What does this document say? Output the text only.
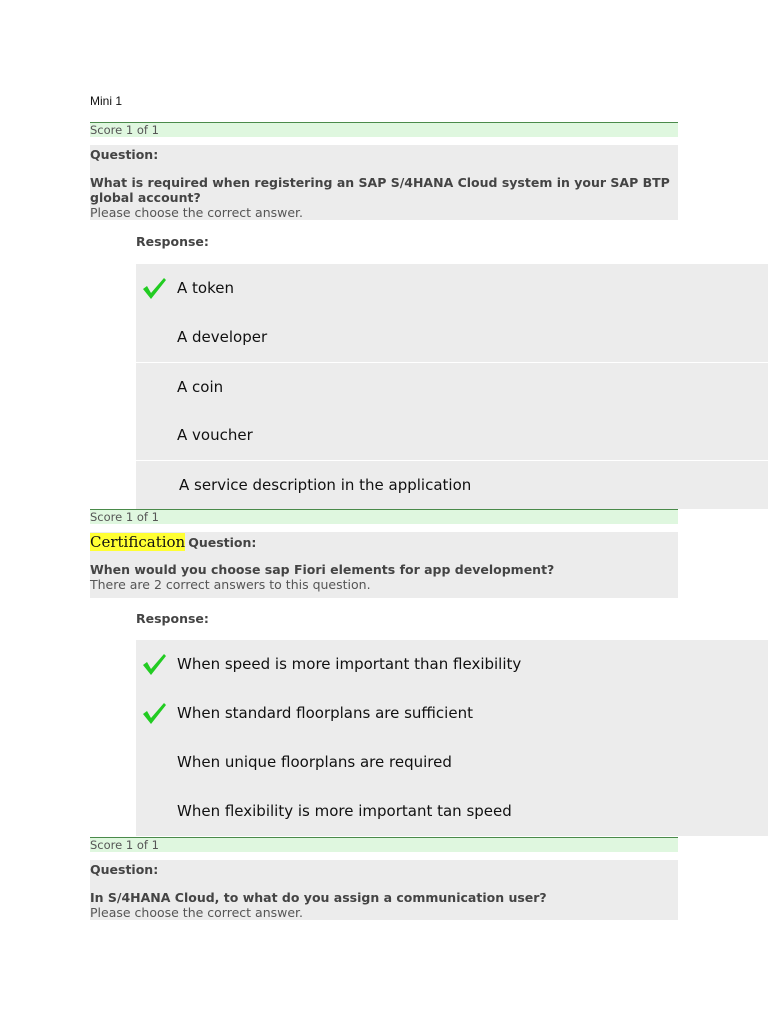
Mini 1
Score 1 of 1
Question:
What is required when registering an SAP S/4HANA Cloud system in your SAP BTP global account?
Please choose the correct answer.
Response:
A token
A developer
A coin
A voucher
A service description in the application
Score 1 of 1
Certification Question:
When would you choose sap Fiori elements for app development?
There are 2 correct answers to this question.
Response:
When speed is more important than flexibility
When standard floorplans are sufficient
When unique floorplans are required
When flexibility is more important tan speed
Score 1 of 1
Question:
In S/4HANA Cloud, to what do you assign a communication user?
Please choose the correct answer.
